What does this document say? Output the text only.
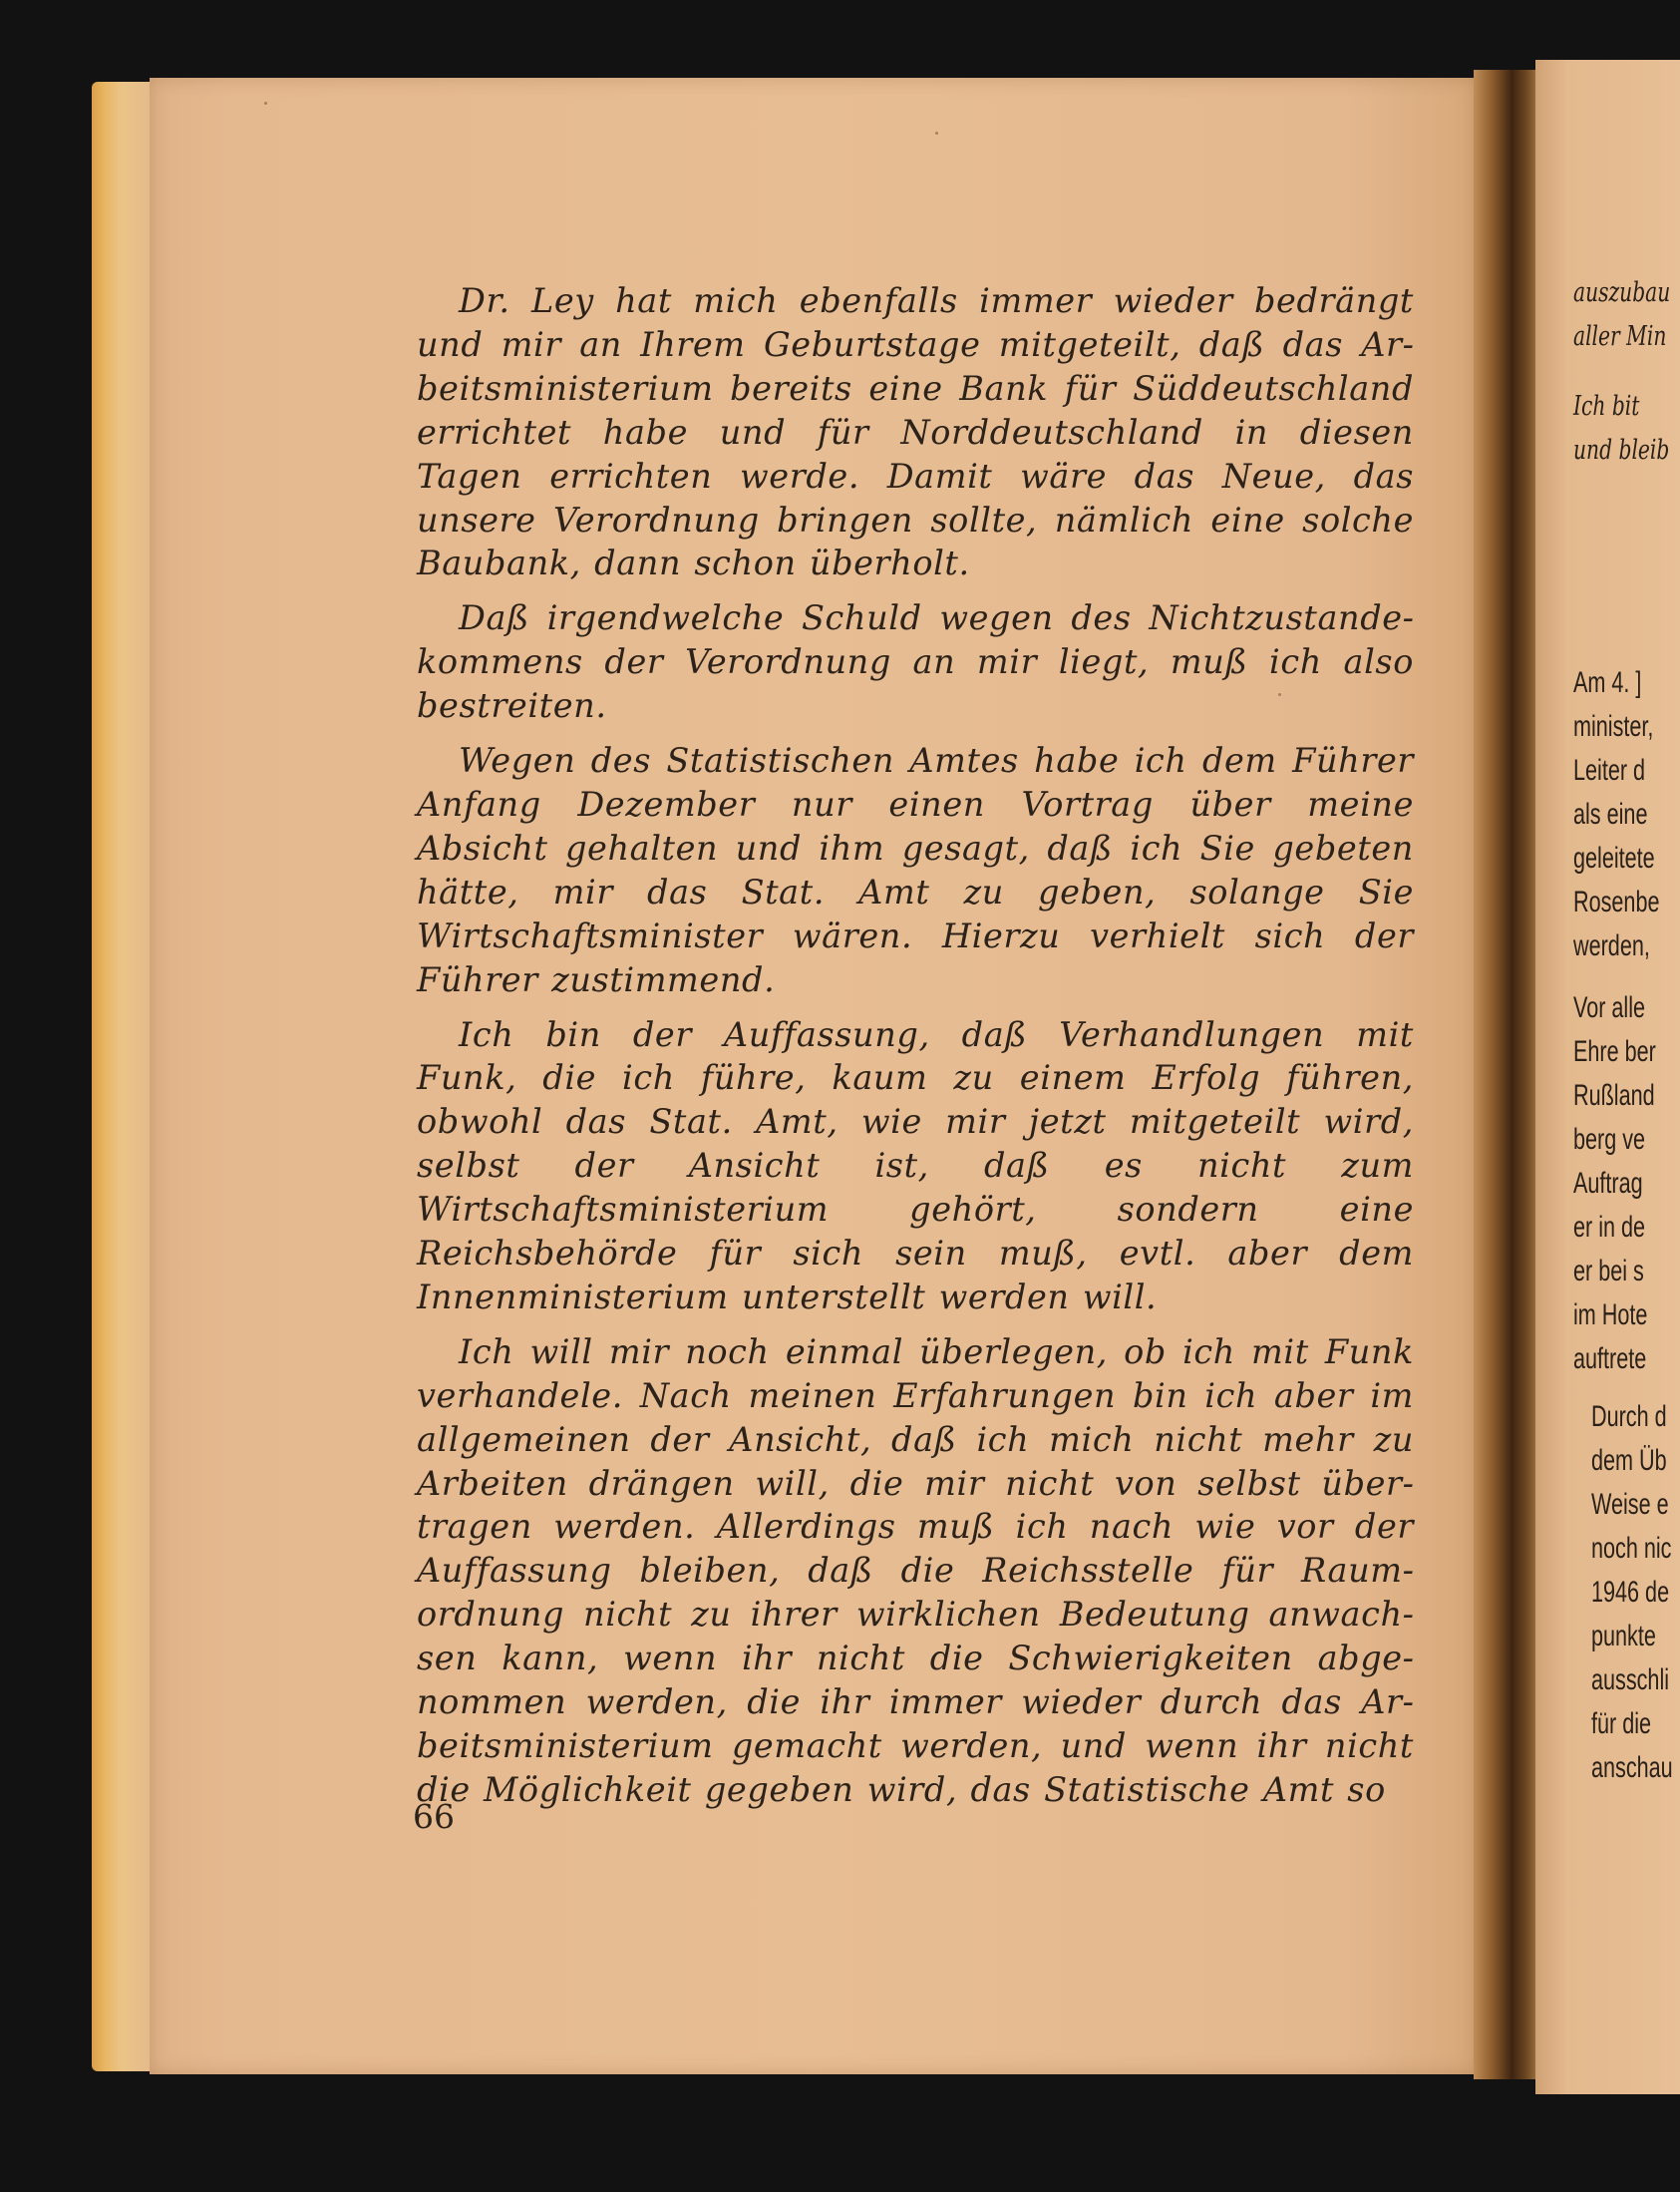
Dr. Ley hat mich ebenfalls immer wieder bedrängt und mir an Ihrem Geburtstage mitgeteilt, daß das Arbeitsministerium bereits eine Bank für Süddeutschland errichtet habe und für Norddeutschland in diesen Tagen errichten werde. Damit wäre das Neue, das unsere Verordnung bringen sollte, nämlich eine solche Baubank, dann schon überholt.

Daß irgendwelche Schuld wegen des Nichtzustandekommens der Verordnung an mir liegt, muß ich also bestreiten.

Wegen des Statistischen Amtes habe ich dem Führer Anfang Dezember nur einen Vortrag über meine Absicht gehalten und ihm gesagt, daß ich Sie gebeten hätte, mir das Stat. Amt zu geben, solange Sie Wirtschaftsminister wären. Hierzu verhielt sich der Führer zustimmend.

Ich bin der Auffassung, daß Verhandlungen mit Funk, die ich führe, kaum zu einem Erfolg führen, obwohl das Stat. Amt, wie mir jetzt mitgeteilt wird, selbst der Ansicht ist, daß es nicht zum Wirtschaftsministerium gehört, sondern eine Reichsbehörde für sich sein muß, evtl. aber dem Innenministerium unterstellt werden will.

Ich will mir noch einmal überlegen, ob ich mit Funk verhandele. Nach meinen Erfahrungen bin ich aber im allgemeinen der Ansicht, daß ich mich nicht mehr zu Arbeiten drängen will, die mir nicht von selbst übertragen werden. Allerdings muß ich nach wie vor der Auffassung bleiben, daß die Reichsstelle für Raumordnung nicht zu ihrer wirklichen Bedeutung anwachsen kann, wenn ihr nicht die Schwierigkeiten abgenommen werden, die ihr immer wieder durch das Arbeitsministerium gemacht werden, und wenn ihr nicht die Möglichkeit gegeben wird, das Statistische Amt so

66
auszubau
aller Min
Ich bit
und bleib
Am 4. ]
minister,
Leiter d
als eine
geleitete
Rosenbe
werden,
Vor alle
Ehre ber
Rußland
berg ve
Auftrag
er in de
er bei s
im Hote
auftrete
Durch d
dem Üb
Weise e
noch nic
1946 de
punkte
ausschli
für die
anschau
